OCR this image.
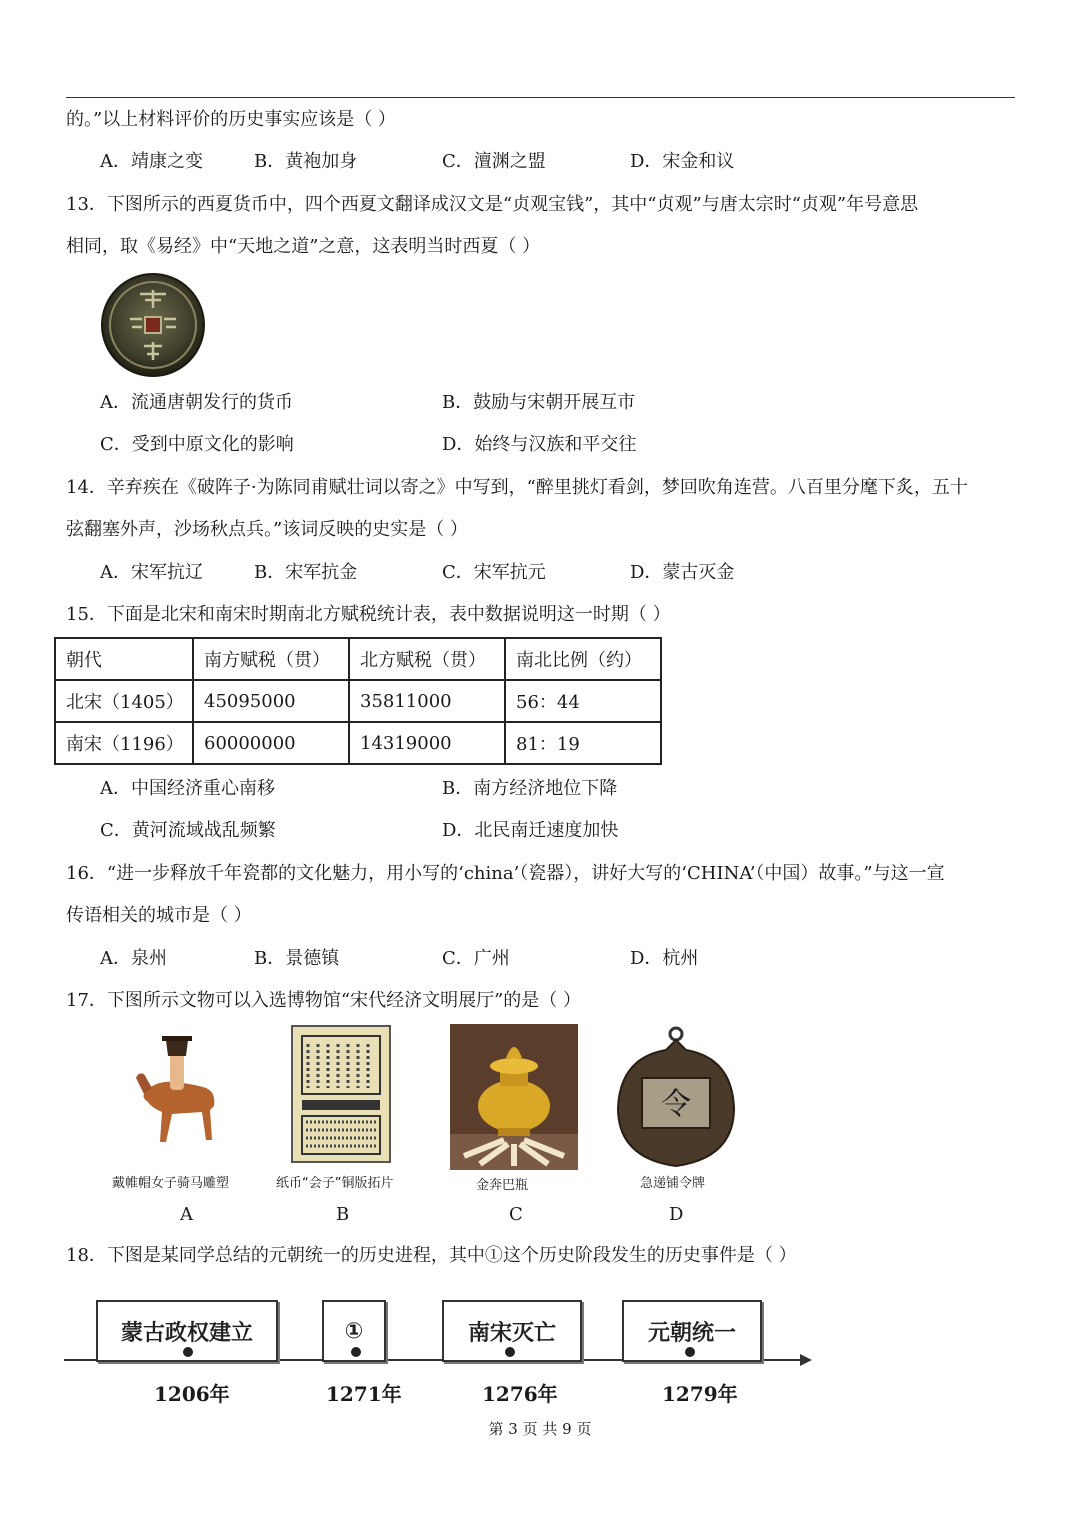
的。”以上材料评价的历史事实应该是（ ）
A．靖康之变	B．黄袍加身	C．澶渊之盟	D．宋金和议
13．下图所示的西夏货币中，四个西夏文翻译成汉文是“贞观宝钱”，其中“贞观”与唐太宗时“贞观”年号意思
相同，取《易经》中“天地之道”之意，这表明当时西夏（ ）
A．流通唐朝发行的货币	B．鼓励与宋朝开展互市
C．受到中原文化的影响	D．始终与汉族和平交往
14．辛弃疾在《破阵子·为陈同甫赋壮词以寄之》中写到，“醉里挑灯看剑，梦回吹角连营。八百里分麾下炙，五十
弦翻塞外声，沙场秋点兵。”该词反映的史实是（ ）
A．宋军抗辽	B．宋军抗金	C．宋军抗元	D．蒙古灭金
15．下面是北宋和南宋时期南北方赋税统计表，表中数据说明这一时期（ ）
朝代	南方赋税（贯）	北方赋税（贯）	南北比例（约）
北宋（1405）	45095000	35811000	56：44
南宋（1196）	60000000	14319000	81：19
A．中国经济重心南移	B．南方经济地位下降
C．黄河流域战乱频繁	D．北民南迁速度加快
16．“进一步释放千年瓷都的文化魅力，用小写的‘china’（瓷器），讲好大写的‘CHINA’（中国）故事。”与这一宣
传语相关的城市是（ ）
A．泉州	B．景德镇	C．广州	D．杭州
17．下图所示文物可以入选博物馆“宋代经济文明展厅”的是（ ）
令
戴帷帽女子骑马雕塑	纸币“会子”铜版拓片	金奔巴瓶	急递铺令牌
A	B	C	D
18．下图是某同学总结的元朝统一的历史进程，其中①这个历史阶段发生的历史事件是（ ）
蒙古政权建立	①	南宋灭亡	元朝统一
1206年	1271年	1276年	1279年
第 3 页 共 9 页
